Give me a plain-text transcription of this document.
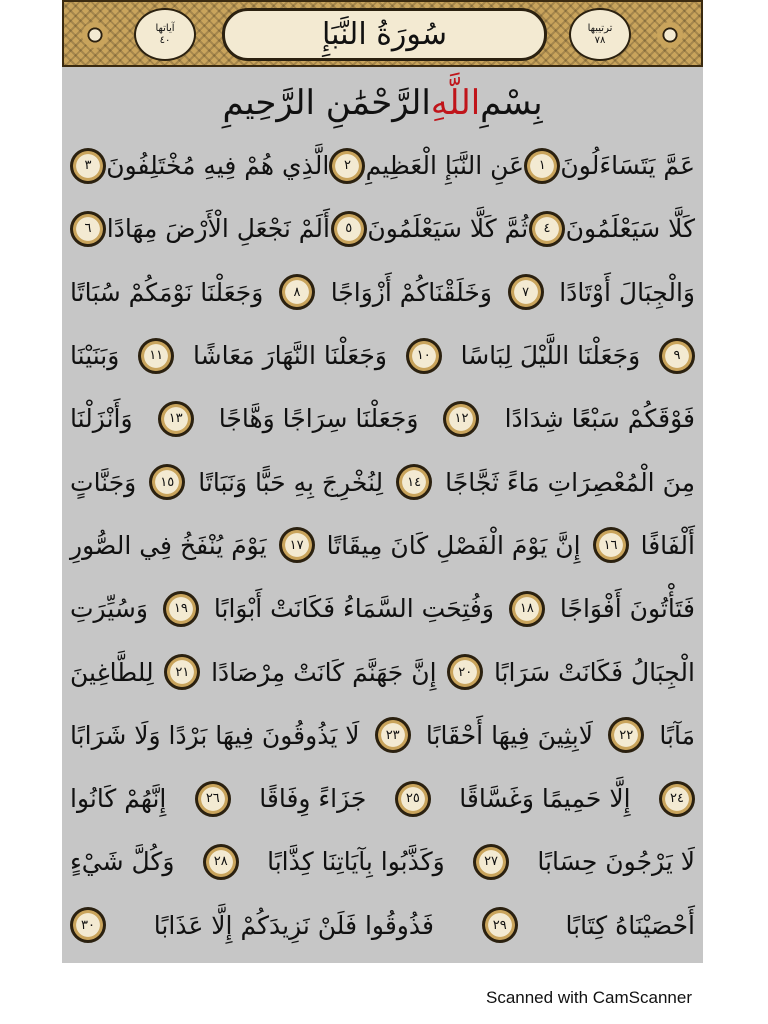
ترتيبها
٧٨
سُورَةُ النَّبَإِ
آياتها
٤٠
بِسْمِ
اللَّهِ
الرَّحْمَٰنِ الرَّحِيمِ
عَمَّ يَتَسَاءَلُونَ
١
عَنِ النَّبَإِ الْعَظِيمِ
٢
الَّذِي هُمْ فِيهِ مُخْتَلِفُونَ
٣
كَلَّا سَيَعْلَمُونَ
٤
ثُمَّ كَلَّا سَيَعْلَمُونَ
٥
أَلَمْ نَجْعَلِ الْأَرْضَ مِهَادًا
٦
وَالْجِبَالَ أَوْتَادًا
٧
وَخَلَقْنَاكُمْ أَزْوَاجًا
٨
وَجَعَلْنَا نَوْمَكُمْ سُبَاتًا
٩
وَجَعَلْنَا اللَّيْلَ لِبَاسًا
١٠
وَجَعَلْنَا النَّهَارَ مَعَاشًا
١١
وَبَنَيْنَا
فَوْقَكُمْ سَبْعًا شِدَادًا
١٢
وَجَعَلْنَا سِرَاجًا وَهَّاجًا
١٣
وَأَنْزَلْنَا
مِنَ الْمُعْصِرَاتِ مَاءً ثَجَّاجًا
١٤
لِنُخْرِجَ بِهِ حَبًّا وَنَبَاتًا
١٥
وَجَنَّاتٍ
أَلْفَافًا
١٦
إِنَّ يَوْمَ الْفَصْلِ كَانَ مِيقَاتًا
١٧
يَوْمَ يُنْفَخُ فِي الصُّورِ
فَتَأْتُونَ أَفْوَاجًا
١٨
وَفُتِحَتِ السَّمَاءُ فَكَانَتْ أَبْوَابًا
١٩
وَسُيِّرَتِ
الْجِبَالُ فَكَانَتْ سَرَابًا
٢٠
إِنَّ جَهَنَّمَ كَانَتْ مِرْصَادًا
٢١
لِلطَّاغِينَ
مَآبًا
٢٢
لَابِثِينَ فِيهَا أَحْقَابًا
٢٣
لَا يَذُوقُونَ فِيهَا بَرْدًا وَلَا شَرَابًا
٢٤
إِلَّا حَمِيمًا وَغَسَّاقًا
٢٥
جَزَاءً وِفَاقًا
٢٦
إِنَّهُمْ كَانُوا
لَا يَرْجُونَ حِسَابًا
٢٧
وَكَذَّبُوا بِآيَاتِنَا كِذَّابًا
٢٨
وَكُلَّ شَيْءٍ
أَحْصَيْنَاهُ كِتَابًا
٢٩
فَذُوقُوا فَلَنْ نَزِيدَكُمْ إِلَّا عَذَابًا
٣٠
Scanned with CamScanner
